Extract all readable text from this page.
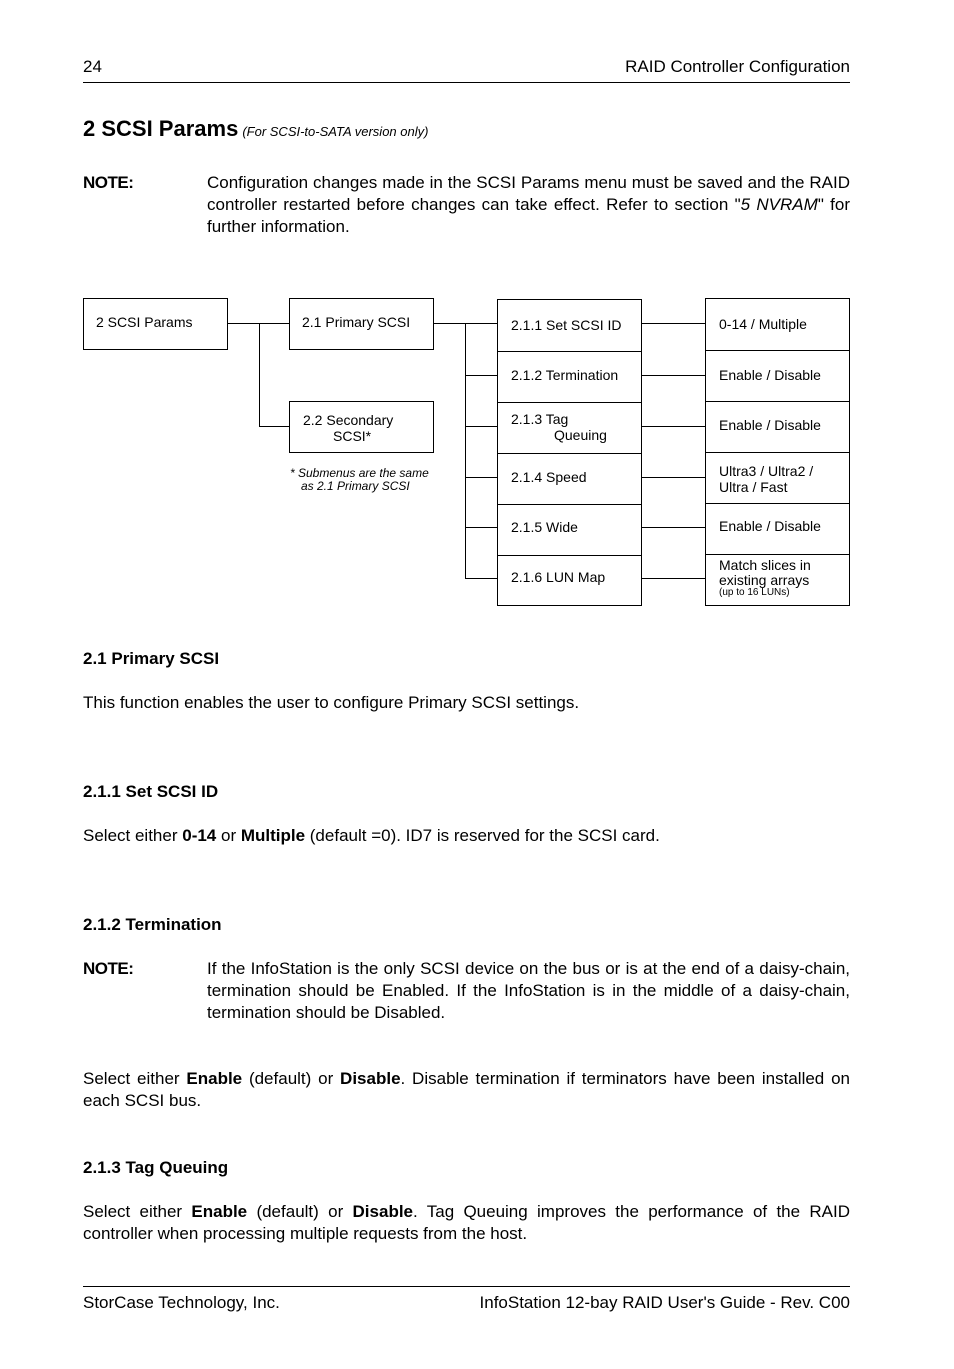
24	RAID Controller Configuration
2 SCSI Params (For SCSI-to-SATA version only)
NOTE:	Configuration changes made in the SCSI Params menu must be saved and the RAID controller restarted before changes can take effect. Refer to section "5 NVRAM" for further information.
2 SCSI Params	2.1 Primary SCSI
2.2 Secondary
SCSI*
* Submenus are the same
as 2.1 Primary SCSI
2.1.1 Set SCSI ID
2.1.2 Termination
2.1.3 Tag
Queuing
2.1.4 Speed
2.1.5 Wide
2.1.6 LUN Map
0-14 / Multiple
Enable / Disable
Enable / Disable
Ultra3 / Ultra2 /
Ultra / Fast
Enable / Disable
Match slices in
existing arrays
(up to 16 LUNs)
2.1 Primary SCSI
This function enables the user to configure Primary SCSI settings.
2.1.1 Set SCSI ID
Select either 0-14 or Multiple (default =0). ID7 is reserved for the SCSI card.
2.1.2 Termination
NOTE:	If the InfoStation is the only SCSI device on the bus or is at the end of a daisy-chain, termination should be Enabled. If the InfoStation is in the middle of a daisy-chain, termination should be Disabled.
Select either Enable (default) or Disable. Disable termination if terminators have been installed on each SCSI bus.
2.1.3 Tag Queuing
Select either Enable (default) or Disable. Tag Queuing improves the performance of the RAID controller when processing multiple requests from the host.
StorCase Technology, Inc.	InfoStation 12-bay RAID User's Guide - Rev. C00
